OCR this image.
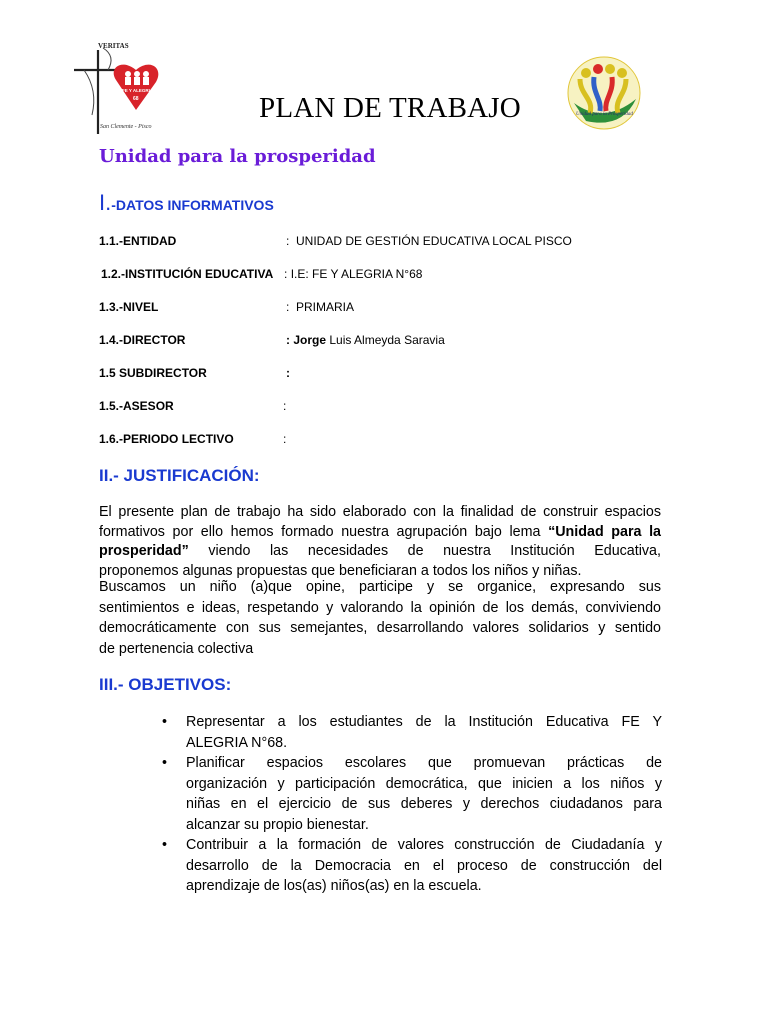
VERITAS
FE Y ALEGRIA
68
San Clemente - Pisco
PLAN DE TRABAJO	Unidad para la Prosperidad
Unidad para la prosperidad
I.-DATOS INFORMATIVOS
1.1.-ENTIDAD	: UNIDAD DE GESTIÓN EDUCATIVA LOCAL PISCO
1.2.-INSTITUCIÓN EDUCATIVA : I.E: FE Y ALEGRIA N°68
1.3.-NIVEL	: PRIMARIA
1.4.-DIRECTOR	: Jorge Luis Almeyda Saravia
1.5 SUBDIRECTOR	:
1.5.-ASESOR	:
1.6.-PERIODO LECTIVO	:
II.- JUSTIFICACIÓN:
El presente plan de trabajo ha sido elaborado con la finalidad de construir espacios
formativos por ello hemos formado nuestra agrupación bajo lema “Unidad para la
prosperidad” viendo las necesidades de nuestra Institución Educativa,
proponemos algunas propuestas que beneficiaran a todos los niños y niñas.
Buscamos un niño (a)que opine, participe y se organice, expresando sus
sentimientos e ideas, respetando y valorando la opinión de los demás, conviviendo
democráticamente con sus semejantes, desarrollando valores solidarios y sentido
de pertenencia colectiva
III.- OBJETIVOS:
• Representar a los estudiantes de la Institución Educativa FE Y
ALEGRIA N°68.
• Planificar espacios escolares que promuevan prácticas de
organización y participación democrática, que inicien a los niños y
niñas en el ejercicio de sus deberes y derechos ciudadanos para
alcanzar su propio bienestar.
• Contribuir a la formación de valores construcción de Ciudadanía y
desarrollo de la Democracia en el proceso de construcción del
aprendizaje de los(as) niños(as) en la escuela.
